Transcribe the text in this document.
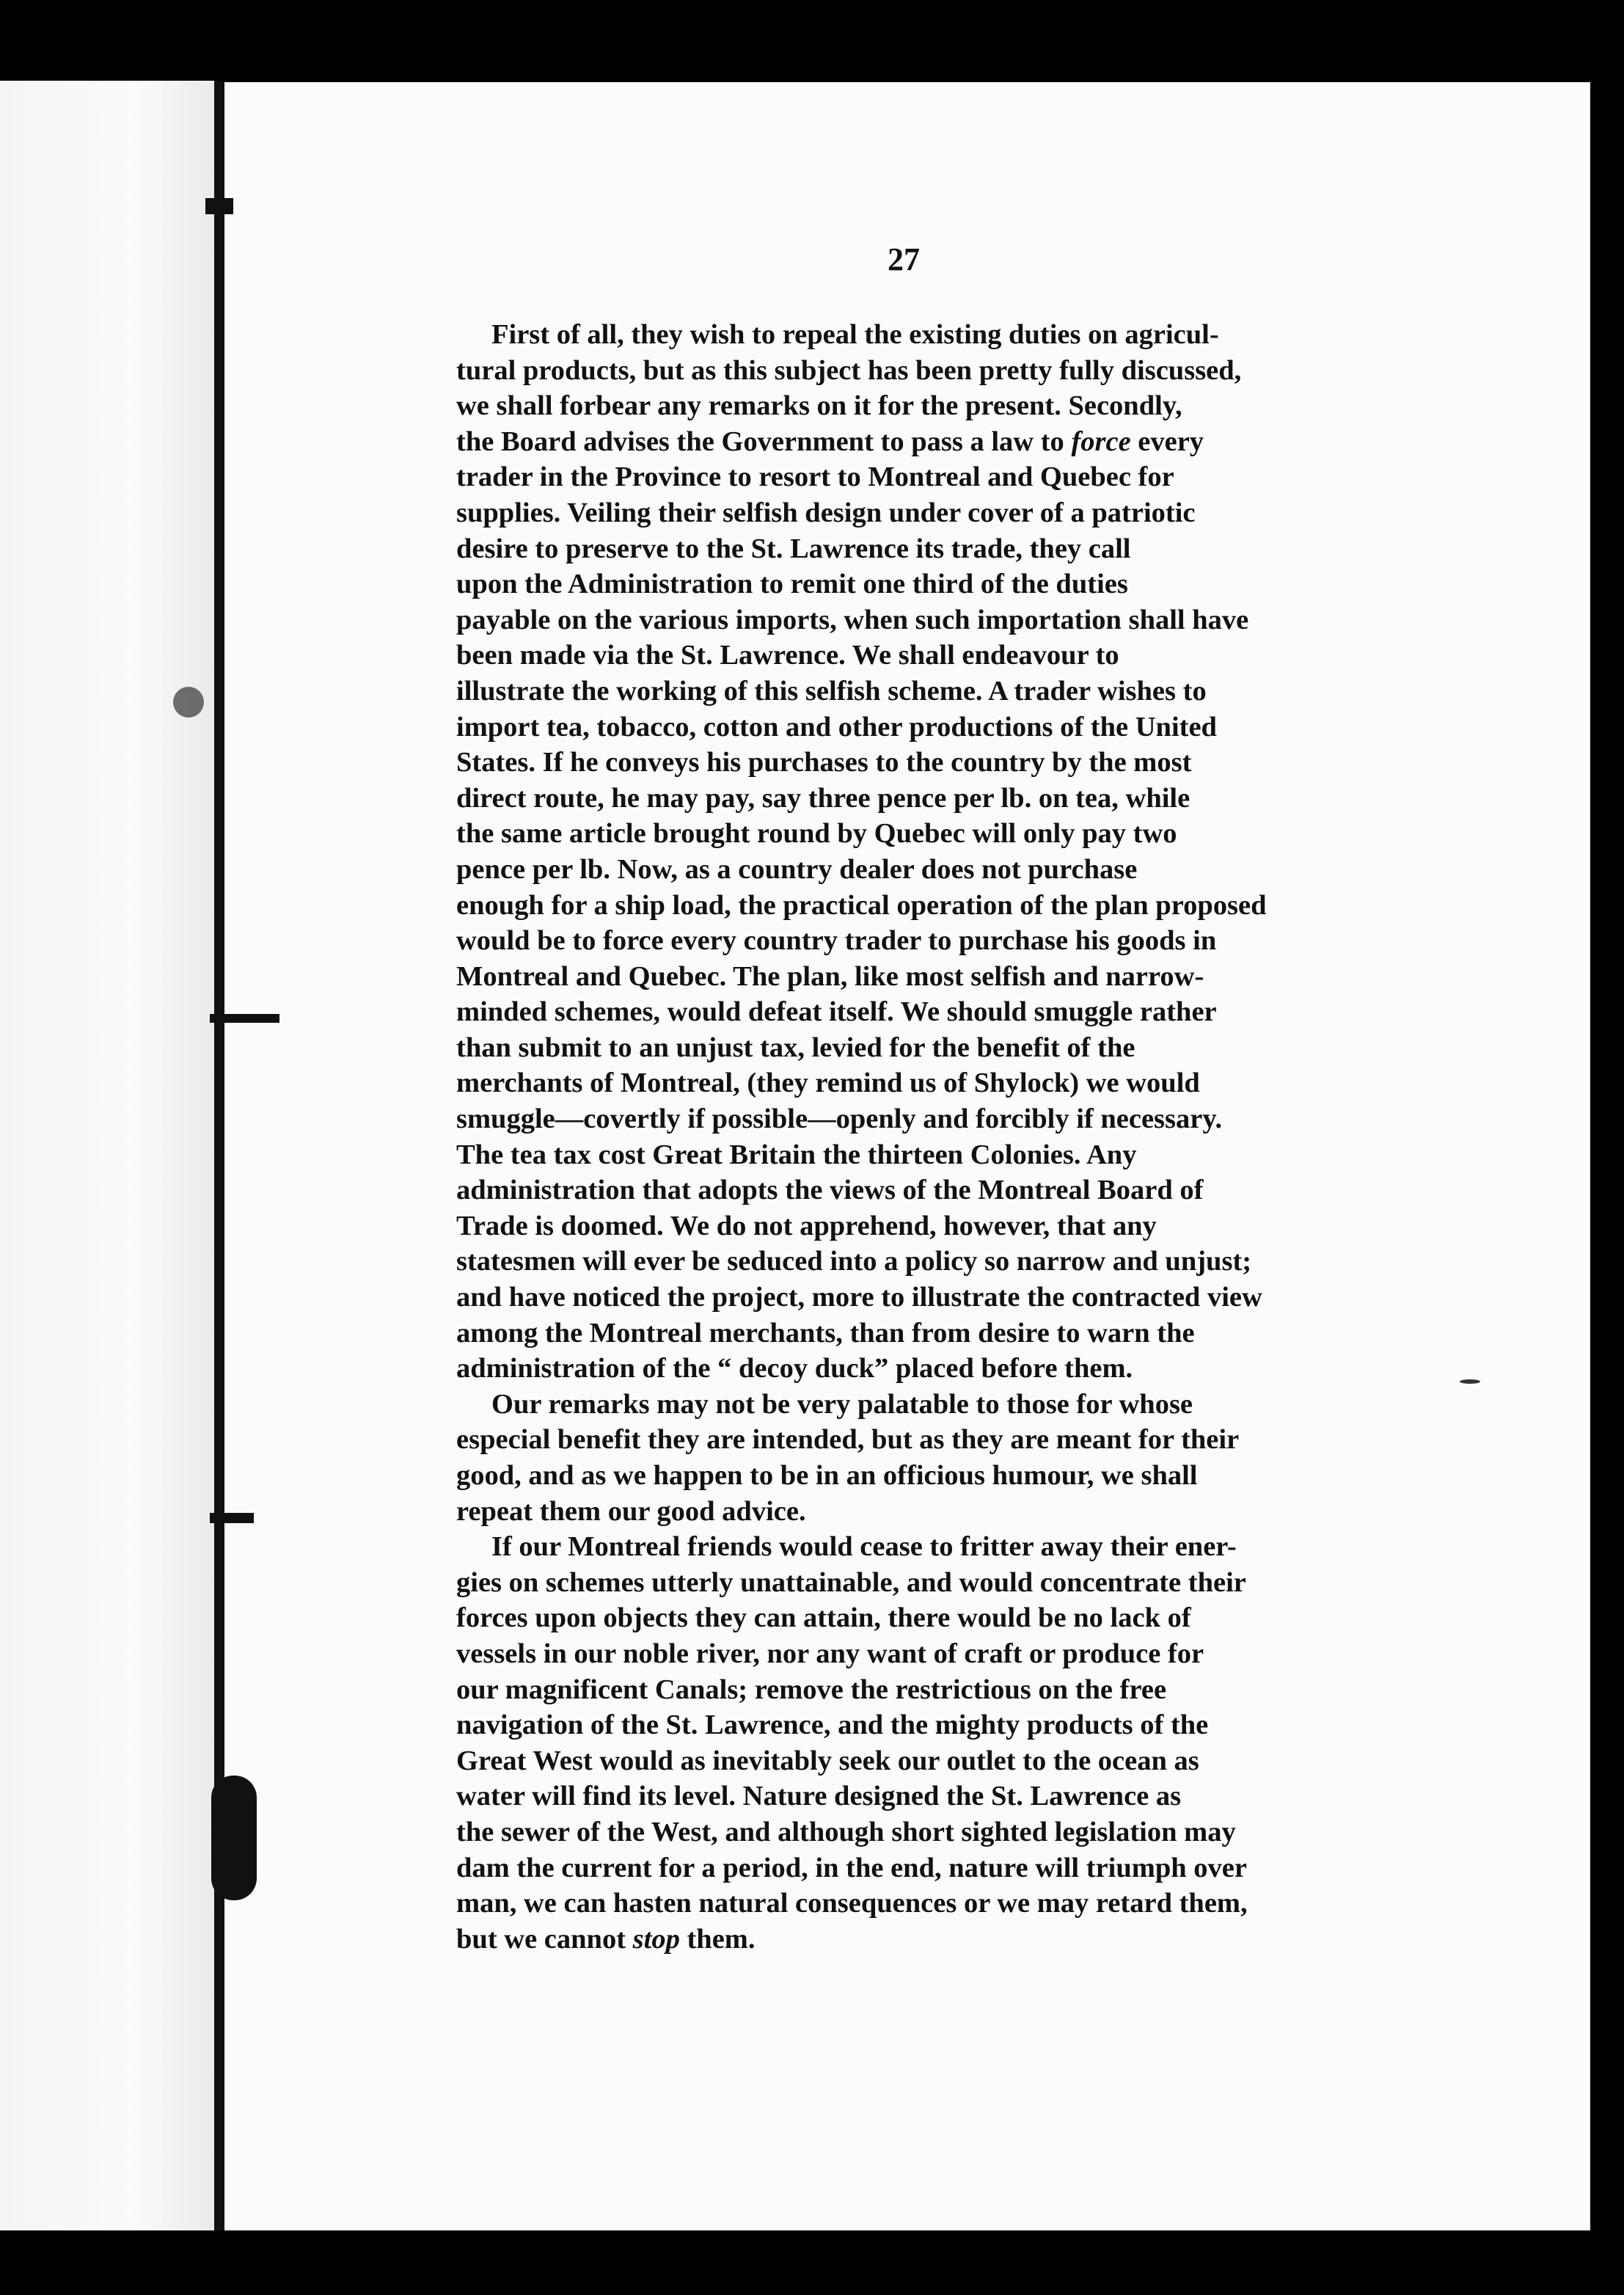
27

First of all, they wish to repeal the existing duties on agricul-
tural products, but as this subject has been pretty fully discussed,
we shall forbear any remarks on it for the present. Secondly,
the Board advises the Government to pass a law to force every
trader in the Province to resort to Montreal and Quebec for
supplies. Veiling their selfish design under cover of a patriotic
desire to preserve to the St. Lawrence its trade, they call
upon the Administration to remit one third of the duties
payable on the various imports, when such importation shall have
been made via the St. Lawrence. We shall endeavour to
illustrate the working of this selfish scheme. A trader wishes to
import tea, tobacco, cotton and other productions of the United
States. If he conveys his purchases to the country by the most
direct route, he may pay, say three pence per lb. on tea, while
the same article brought round by Quebec will only pay two
pence per lb. Now, as a country dealer does not purchase
enough for a ship load, the practical operation of the plan proposed
would be to force every country trader to purchase his goods in
Montreal and Quebec. The plan, like most selfish and narrow-
minded schemes, would defeat itself. We should smuggle rather
than submit to an unjust tax, levied for the benefit of the
merchants of Montreal, (they remind us of Shylock) we would
smuggle—covertly if possible—openly and forcibly if necessary.
The tea tax cost Great Britain the thirteen Colonies. Any
administration that adopts the views of the Montreal Board of
Trade is doomed. We do not apprehend, however, that any
statesmen will ever be seduced into a policy so narrow and unjust;
and have noticed the project, more to illustrate the contracted view
among the Montreal merchants, than from desire to warn the
administration of the “ decoy duck” placed before them.

Our remarks may not be very palatable to those for whose
especial benefit they are intended, but as they are meant for their
good, and as we happen to be in an officious humour, we shall
repeat them our good advice.

If our Montreal friends would cease to fritter away their ener-
gies on schemes utterly unattainable, and would concentrate their
forces upon objects they can attain, there would be no lack of
vessels in our noble river, nor any want of craft or produce for
our magnificent Canals; remove the restrictious on the free
navigation of the St. Lawrence, and the mighty products of the
Great West would as inevitably seek our outlet to the ocean as
water will find its level. Nature designed the St. Lawrence as
the sewer of the West, and although short sighted legislation may
dam the current for a period, in the end, nature will triumph over
man, we can hasten natural consequences or we may retard them,
but we cannot stop them.
